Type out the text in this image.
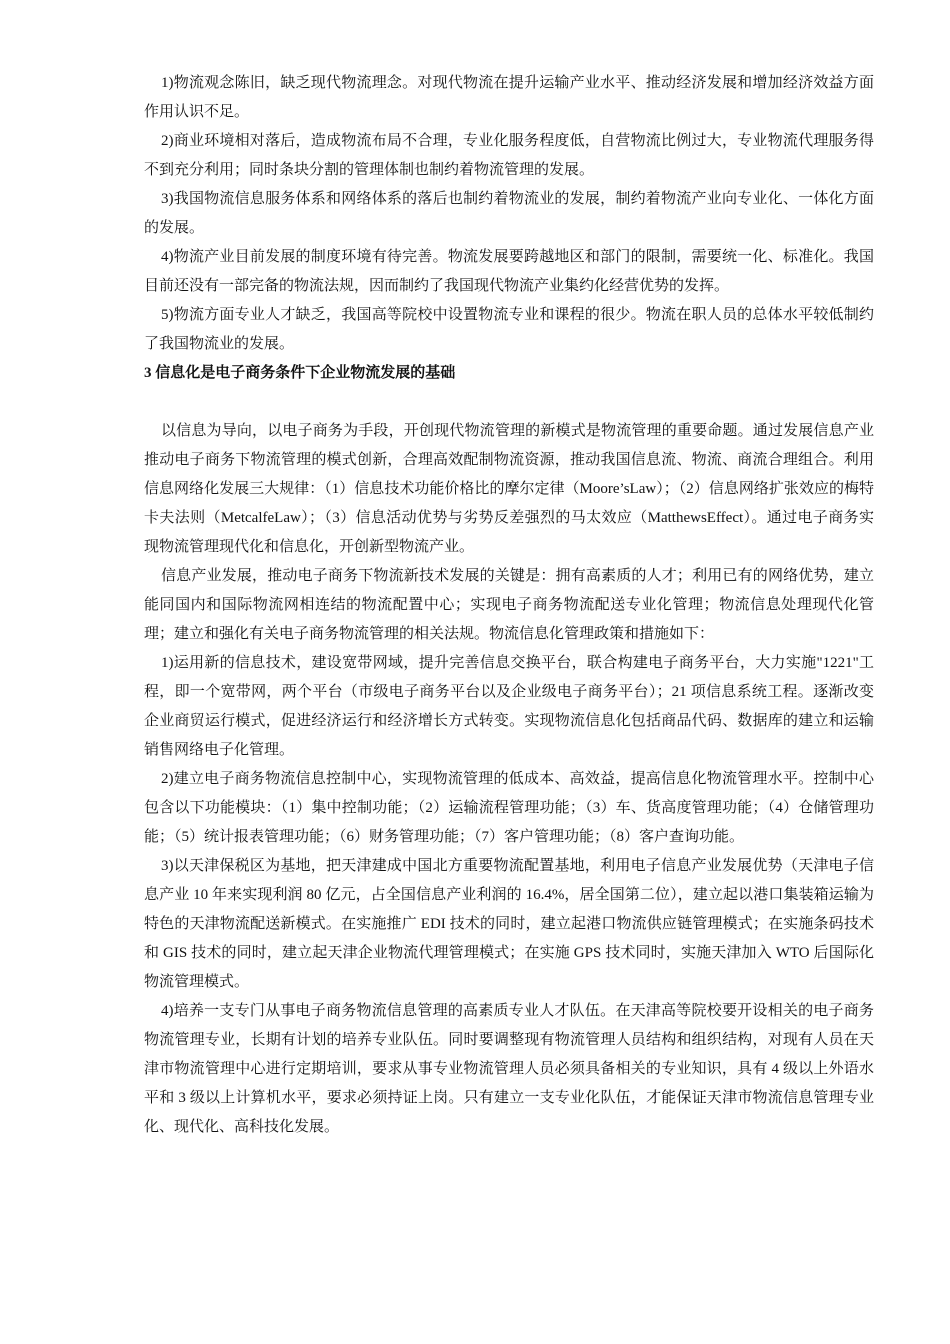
1)物流观念陈旧，缺乏现代物流理念。对现代物流在提升运输产业水平、推动经济发展和增加经济效益方面作用认识不足。

2)商业环境相对落后，造成物流布局不合理，专业化服务程度低，自营物流比例过大，专业物流代理服务得不到充分利用；同时条块分割的管理体制也制约着物流管理的发展。

3)我国物流信息服务体系和网络体系的落后也制约着物流业的发展，制约着物流产业向专业化、一体化方面的发展。

4)物流产业目前发展的制度环境有待完善。物流发展要跨越地区和部门的限制，需要统一化、标准化。我国目前还没有一部完备的物流法规，因而制约了我国现代物流产业集约化经营优势的发挥。

5)物流方面专业人才缺乏，我国高等院校中设置物流专业和课程的很少。物流在职人员的总体水平较低制约了我国物流业的发展。

3 信息化是电子商务条件下企业物流发展的基础

以信息为导向，以电子商务为手段，开创现代物流管理的新模式是物流管理的重要命题。通过发展信息产业推动电子商务下物流管理的模式创新，合理高效配制物流资源，推动我国信息流、物流、商流合理组合。利用信息网络化发展三大规律：（1）信息技术功能价格比的摩尔定律（Moore’sLaw）；（2）信息网络扩张效应的梅特卡夫法则（MetcalfeLaw）；（3）信息活动优势与劣势反差强烈的马太效应（MatthewsEffect）。通过电子商务实现物流管理现代化和信息化，开创新型物流产业。

信息产业发展，推动电子商务下物流新技术发展的关键是：拥有高素质的人才；利用已有的网络优势，建立能同国内和国际物流网相连结的物流配置中心；实现电子商务物流配送专业化管理；物流信息处理现代化管理；建立和强化有关电子商务物流管理的相关法规。物流信息化管理政策和措施如下：

1)运用新的信息技术，建设宽带网域，提升完善信息交换平台，联合构建电子商务平台，大力实施"1221"工程，即一个宽带网，两个平台（市级电子商务平台以及企业级电子商务平台）；21 项信息系统工程。逐渐改变企业商贸运行模式，促进经济运行和经济增长方式转变。实现物流信息化包括商品代码、数据库的建立和运输销售网络电子化管理。

2)建立电子商务物流信息控制中心，实现物流管理的低成本、高效益，提高信息化物流管理水平。控制中心包含以下功能模块：（1）集中控制功能；（2）运输流程管理功能；（3）车、货高度管理功能；（4）仓储管理功能；（5）统计报表管理功能；（6）财务管理功能；（7）客户管理功能；（8）客户查询功能。

3)以天津保税区为基地，把天津建成中国北方重要物流配置基地，利用电子信息产业发展优势（天津电子信息产业 10 年来实现利润 80 亿元，占全国信息产业利润的 16.4%，居全国第二位），建立起以港口集装箱运输为特色的天津物流配送新模式。在实施推广 EDI 技术的同时，建立起港口物流供应链管理模式；在实施条码技术和 GIS 技术的同时，建立起天津企业物流代理管理模式；在实施 GPS 技术同时，实施天津加入 WTO 后国际化物流管理模式。

4)培养一支专门从事电子商务物流信息管理的高素质专业人才队伍。在天津高等院校要开设相关的电子商务物流管理专业，长期有计划的培养专业队伍。同时要调整现有物流管理人员结构和组织结构，对现有人员在天津市物流管理中心进行定期培训，要求从事专业物流管理人员必须具备相关的专业知识，具有 4 级以上外语水平和 3 级以上计算机水平，要求必须持证上岗。只有建立一支专业化队伍，才能保证天津市物流信息管理专业化、现代化、高科技化发展。
